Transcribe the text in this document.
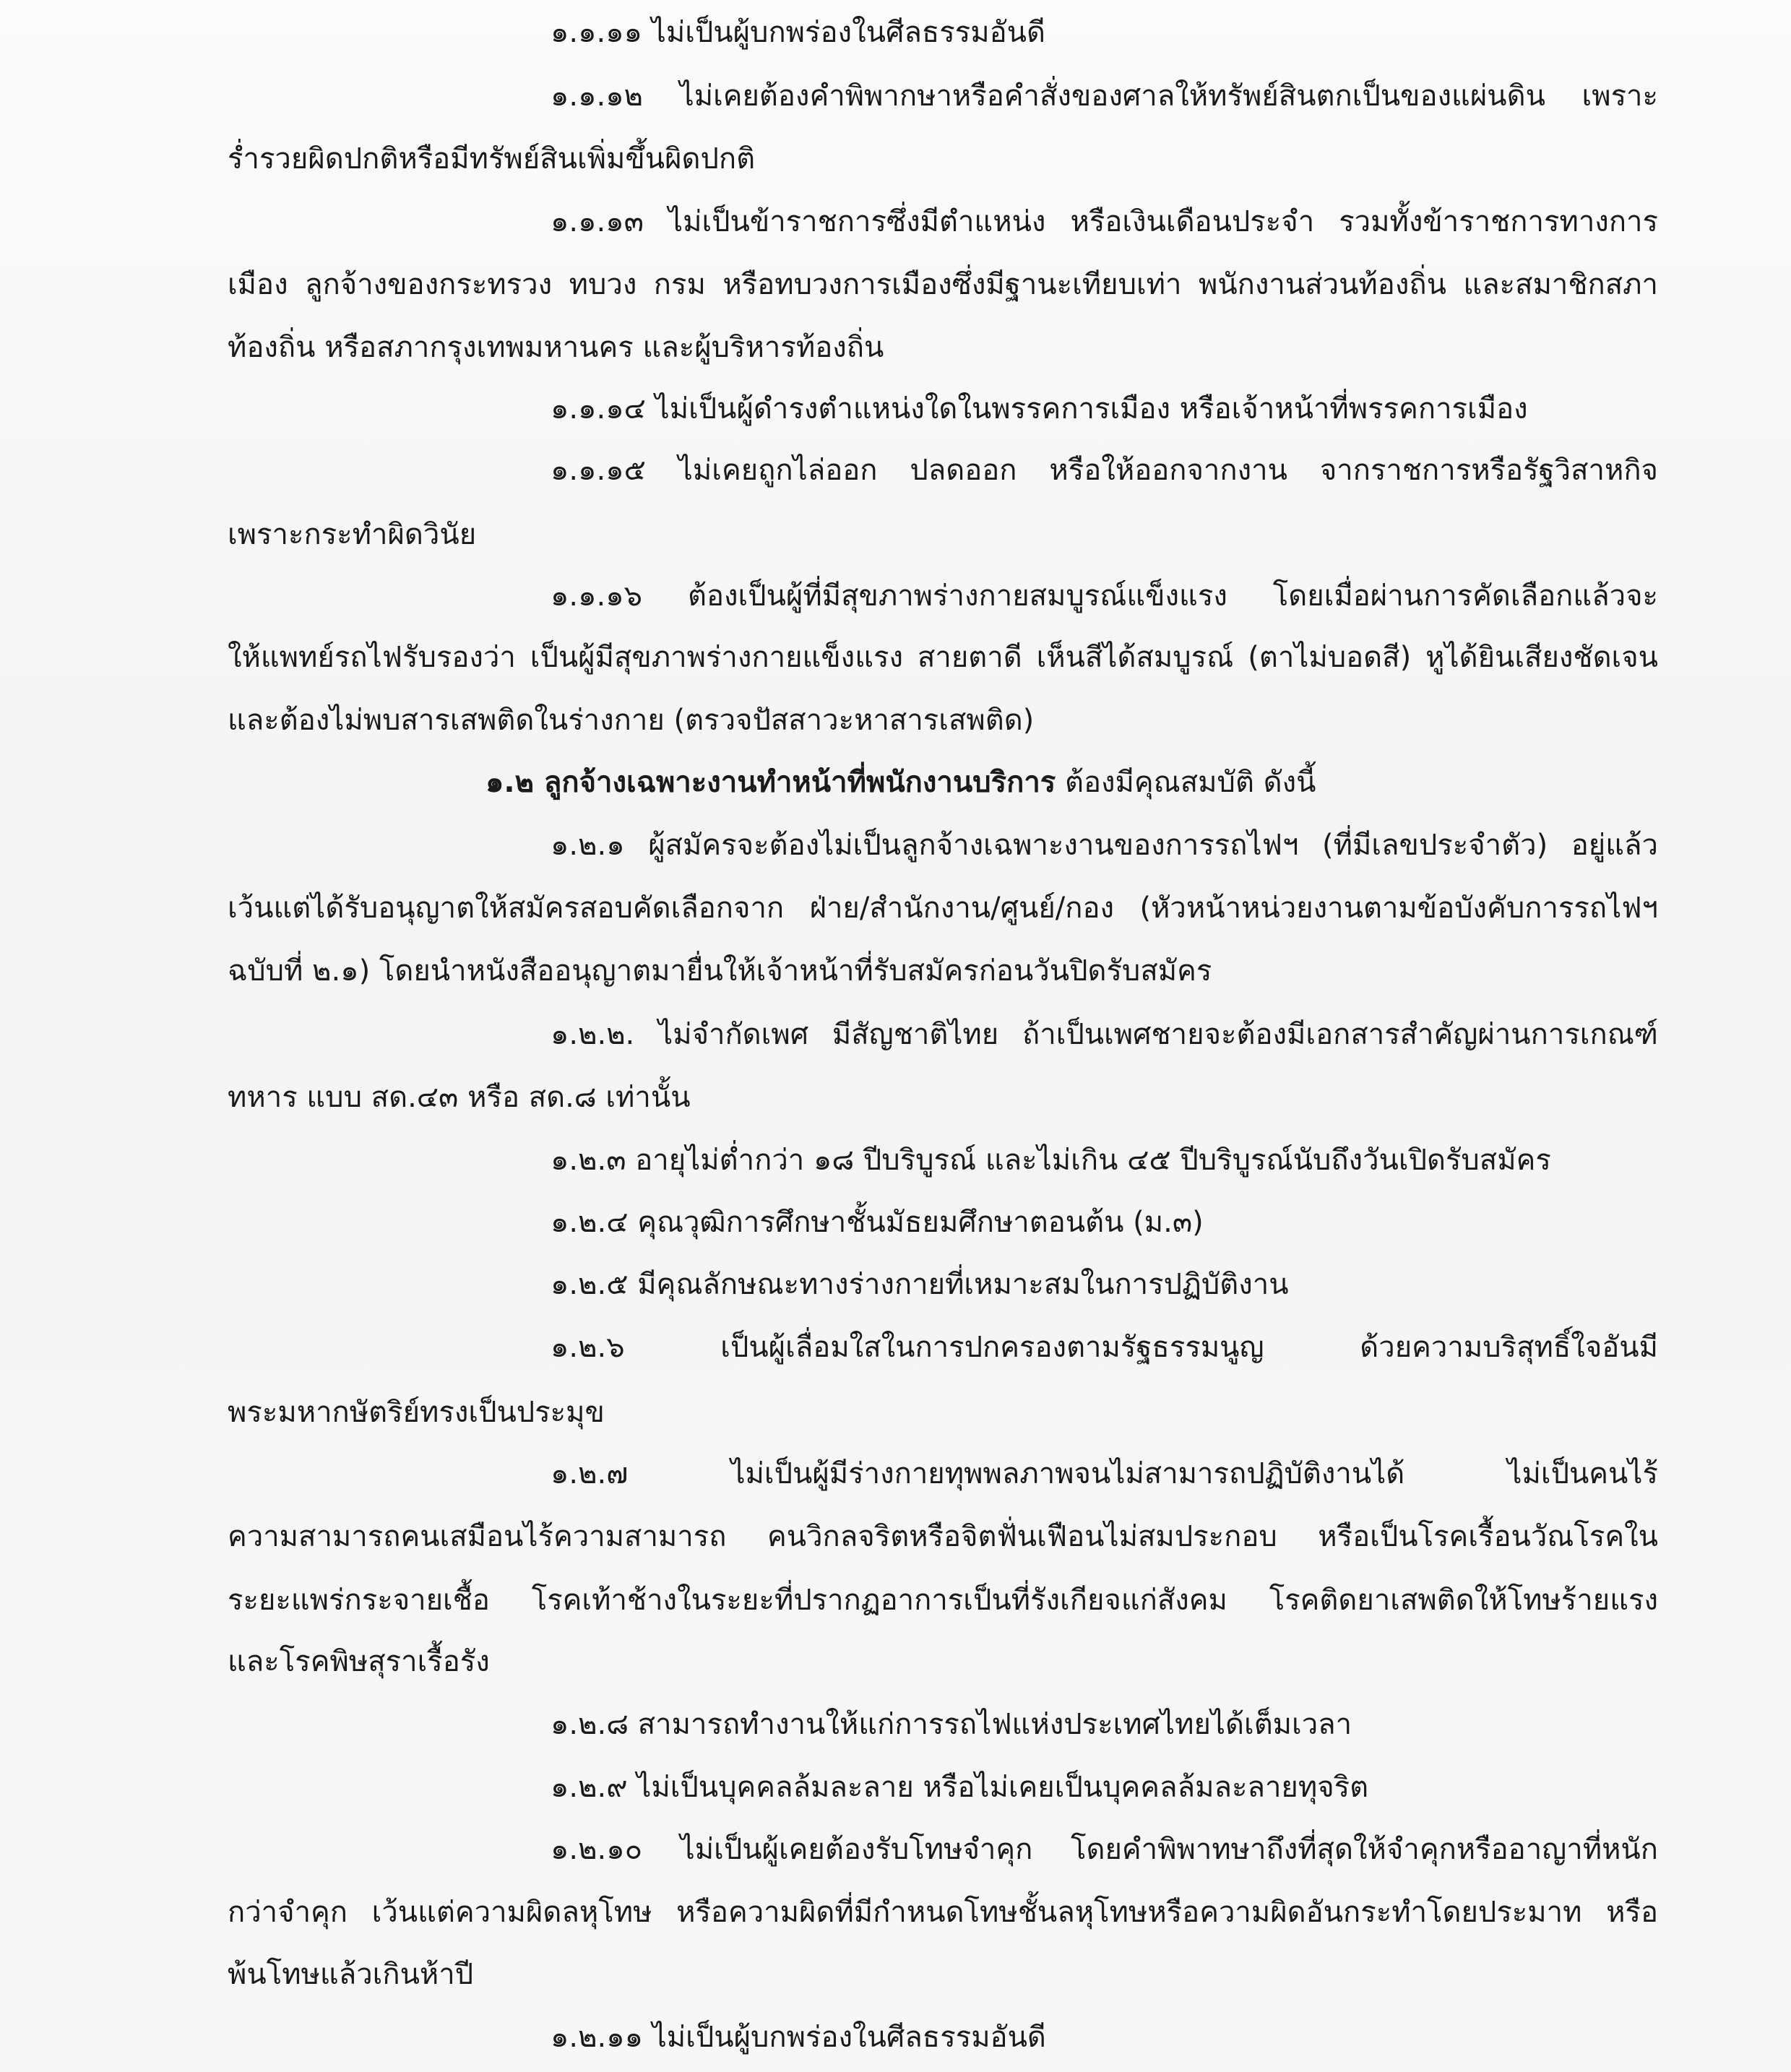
๑.๑.๑๑ ไม่เป็นผู้บกพร่องในศีลธรรมอันดี
๑.๑.๑๒ ไม่เคยต้องคำพิพากษาหรือคำสั่งของศาลให้ทรัพย์สินตกเป็นของแผ่นดิน เพราะ
ร่ำรวยผิดปกติหรือมีทรัพย์สินเพิ่มขึ้นผิดปกติ
๑.๑.๑๓ ไม่เป็นข้าราชการซึ่งมีตำแหน่ง หรือเงินเดือนประจำ รวมทั้งข้าราชการทางการ
เมือง ลูกจ้างของกระทรวง ทบวง กรม หรือทบวงการเมืองซึ่งมีฐานะเทียบเท่า พนักงานส่วนท้องถิ่น และสมาชิกสภา
ท้องถิ่น หรือสภากรุงเทพมหานคร และผู้บริหารท้องถิ่น
๑.๑.๑๔ ไม่เป็นผู้ดำรงตำแหน่งใดในพรรคการเมือง หรือเจ้าหน้าที่พรรคการเมือง
๑.๑.๑๕ ไม่เคยถูกไล่ออก ปลดออก หรือให้ออกจากงาน จากราชการหรือรัฐวิสาหกิจ
เพราะกระทำผิดวินัย
๑.๑.๑๖ ต้องเป็นผู้ที่มีสุขภาพร่างกายสมบูรณ์แข็งแรง โดยเมื่อผ่านการคัดเลือกแล้วจะ
ให้แพทย์รถไฟรับรองว่า เป็นผู้มีสุขภาพร่างกายแข็งแรง สายตาดี เห็นสีได้สมบูรณ์ (ตาไม่บอดสี) หูได้ยินเสียงชัดเจน
และต้องไม่พบสารเสพติดในร่างกาย (ตรวจปัสสาวะหาสารเสพติด)
๑.๒ ลูกจ้างเฉพาะงานทำหน้าที่พนักงานบริการ ต้องมีคุณสมบัติ ดังนี้
๑.๒.๑ ผู้สมัครจะต้องไม่เป็นลูกจ้างเฉพาะงานของการรถไฟฯ (ที่มีเลขประจำตัว) อยู่แล้ว
เว้นแต่ได้รับอนุญาตให้สมัครสอบคัดเลือกจาก ฝ่าย/สำนักงาน/ศูนย์/กอง (หัวหน้าหน่วยงานตามข้อบังคับการรถไฟฯ
ฉบับที่ ๒.๑) โดยนำหนังสืออนุญาตมายื่นให้เจ้าหน้าที่รับสมัครก่อนวันปิดรับสมัคร
๑.๒.๒. ไม่จำกัดเพศ มีสัญชาติไทย ถ้าเป็นเพศชายจะต้องมีเอกสารสำคัญผ่านการเกณฑ์
ทหาร แบบ สด.๔๓ หรือ สด.๘ เท่านั้น
๑.๒.๓ อายุไม่ต่ำกว่า ๑๘ ปีบริบูรณ์ และไม่เกิน ๔๕ ปีบริบูรณ์นับถึงวันเปิดรับสมัคร
๑.๒.๔ คุณวุฒิการศึกษาชั้นมัธยมศึกษาตอนต้น (ม.๓)
๑.๒.๕ มีคุณลักษณะทางร่างกายที่เหมาะสมในการปฏิบัติงาน
๑.๒.๖	เป็นผู้เลื่อมใสในการปกครองตามรัฐธรรมนูญ ด้วยความบริสุทธิ์ใจอันมี
พระมหากษัตริย์ทรงเป็นประมุข
๑.๒.๗	ไม่เป็นผู้มีร่างกายทุพพลภาพจนไม่สามารถปฏิบัติงานได้ ไม่เป็นคนไร้
ความสามารถคนเสมือนไร้ความสามารถ คนวิกลจริตหรือจิตฟั่นเฟือนไม่สมประกอบ หรือเป็นโรคเรื้อนวัณโรคใน
ระยะแพร่กระจายเชื้อ โรคเท้าช้างในระยะที่ปรากฏอาการเป็นที่รังเกียจแก่สังคม โรคติดยาเสพติดให้โทษร้ายแรง
และโรคพิษสุราเรื้อรัง
๑.๒.๘ สามารถทำงานให้แก่การรถไฟแห่งประเทศไทยได้เต็มเวลา
๑.๒.๙ ไม่เป็นบุคคลล้มละลาย หรือไม่เคยเป็นบุคคลล้มละลายทุจริต
๑.๒.๑๐ ไม่เป็นผู้เคยต้องรับโทษจำคุก โดยคำพิพาทษาถึงที่สุดให้จำคุกหรืออาญาที่หนัก
กว่าจำคุก เว้นแต่ความผิดลหุโทษ หรือความผิดที่มีกำหนดโทษชั้นลหุโทษหรือความผิดอันกระทำโดยประมาท หรือ
พ้นโทษแล้วเกินห้าปี
๑.๒.๑๑ ไม่เป็นผู้บกพร่องในศีลธรรมอันดี
